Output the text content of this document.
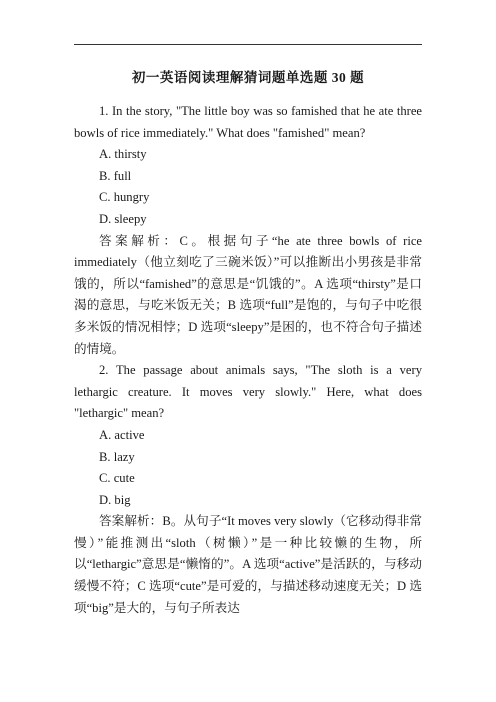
初一英语阅读理解猜词题单选题 30 题

1. In the story, "The little boy was so famished that he ate three bowls of rice immediately." What does "famished" mean?

A. thirsty

B. full

C. hungry

D. sleepy

答案解析：C。根据句子“he ate three bowls of rice immediately（他立刻吃了三碗米饭）”可以推断出小男孩是非常饿的，所以“famished”的意思是“饥饿的”。A 选项“thirsty”是口渴的意思，与吃米饭无关；B 选项“full”是饱的，与句子中吃很多米饭的情况相悖；D 选项“sleepy”是困的，也不符合句子描述的情境。

2. The passage about animals says, "The sloth is a very lethargic creature. It moves very slowly." Here, what does "lethargic" mean?

A. active

B. lazy

C. cute

D. big

答案解析：B。从句子“It moves very slowly（它移动得非常慢）”能推测出“sloth（树懒）”是一种比较懒的生物，所以“lethargic”意思是“懒惰的”。A 选项“active”是活跃的，与移动缓慢不符；C 选项“cute”是可爱的，与描述移动速度无关；D 选项“big”是大的，与句子所表达
